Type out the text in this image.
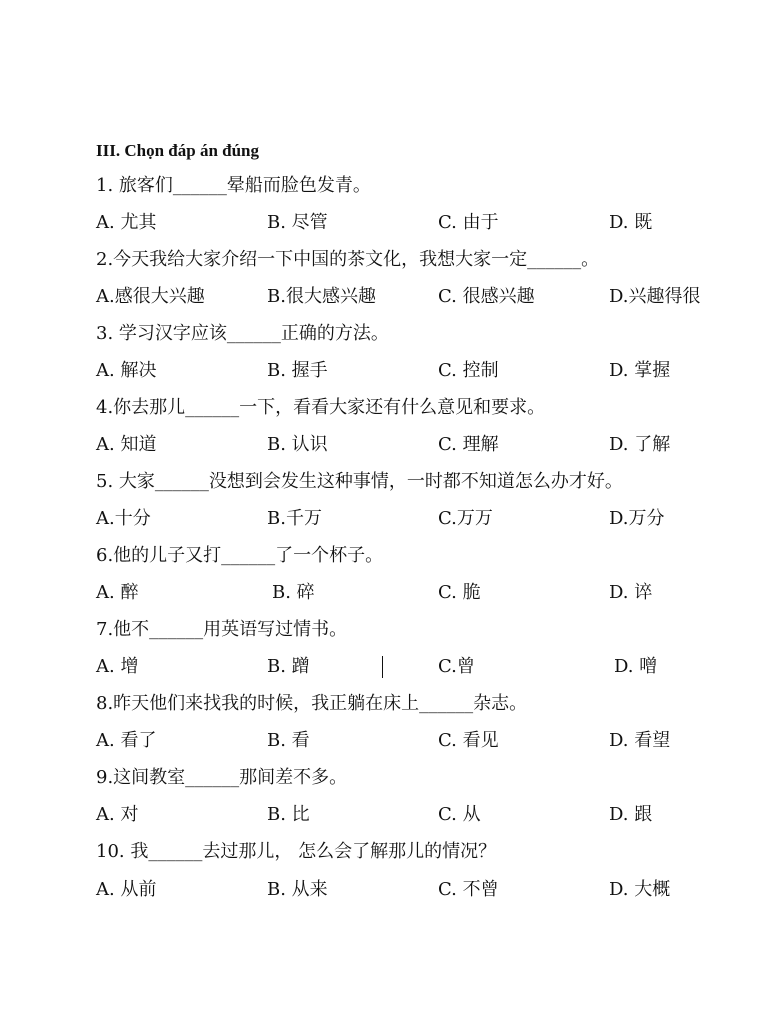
III. Chọn đáp án đúng
1. 旅客们______晕船而脸色发青。
A. 尤其	B. 尽管	C. 由于	D. 既
2.今天我给大家介绍一下中国的茶文化，我想大家一定______。
A.感很大兴趣	B.很大感兴趣	C. 很感兴趣	D.兴趣得很
3. 学习汉字应该______正确的方法。
A. 解决	B. 握手	C. 控制	D. 掌握
4.你去那儿______一下，看看大家还有什么意见和要求。
A. 知道	B. 认识	C. 理解	D. 了解
5. 大家______没想到会发生这种事情，一时都不知道怎么办才好。
A.十分	B.千万	C.万万	D.万分
6.他的儿子又打______了一个杯子。
A. 醉	B. 碎	C. 脆	D. 谇
7.他不______用英语写过情书。
A. 增	B. 蹭	C.曾	D. 噌
8.昨天他们来找我的时候，我正躺在床上______杂志。
A. 看了	B. 看	C. 看见	D. 看望
9.这间教室______那间差不多。
A. 对	B. 比	C. 从	D. 跟
10. 我______去过那儿， 怎么会了解那儿的情况？
A. 从前	B. 从来	C. 不曾	D. 大概
